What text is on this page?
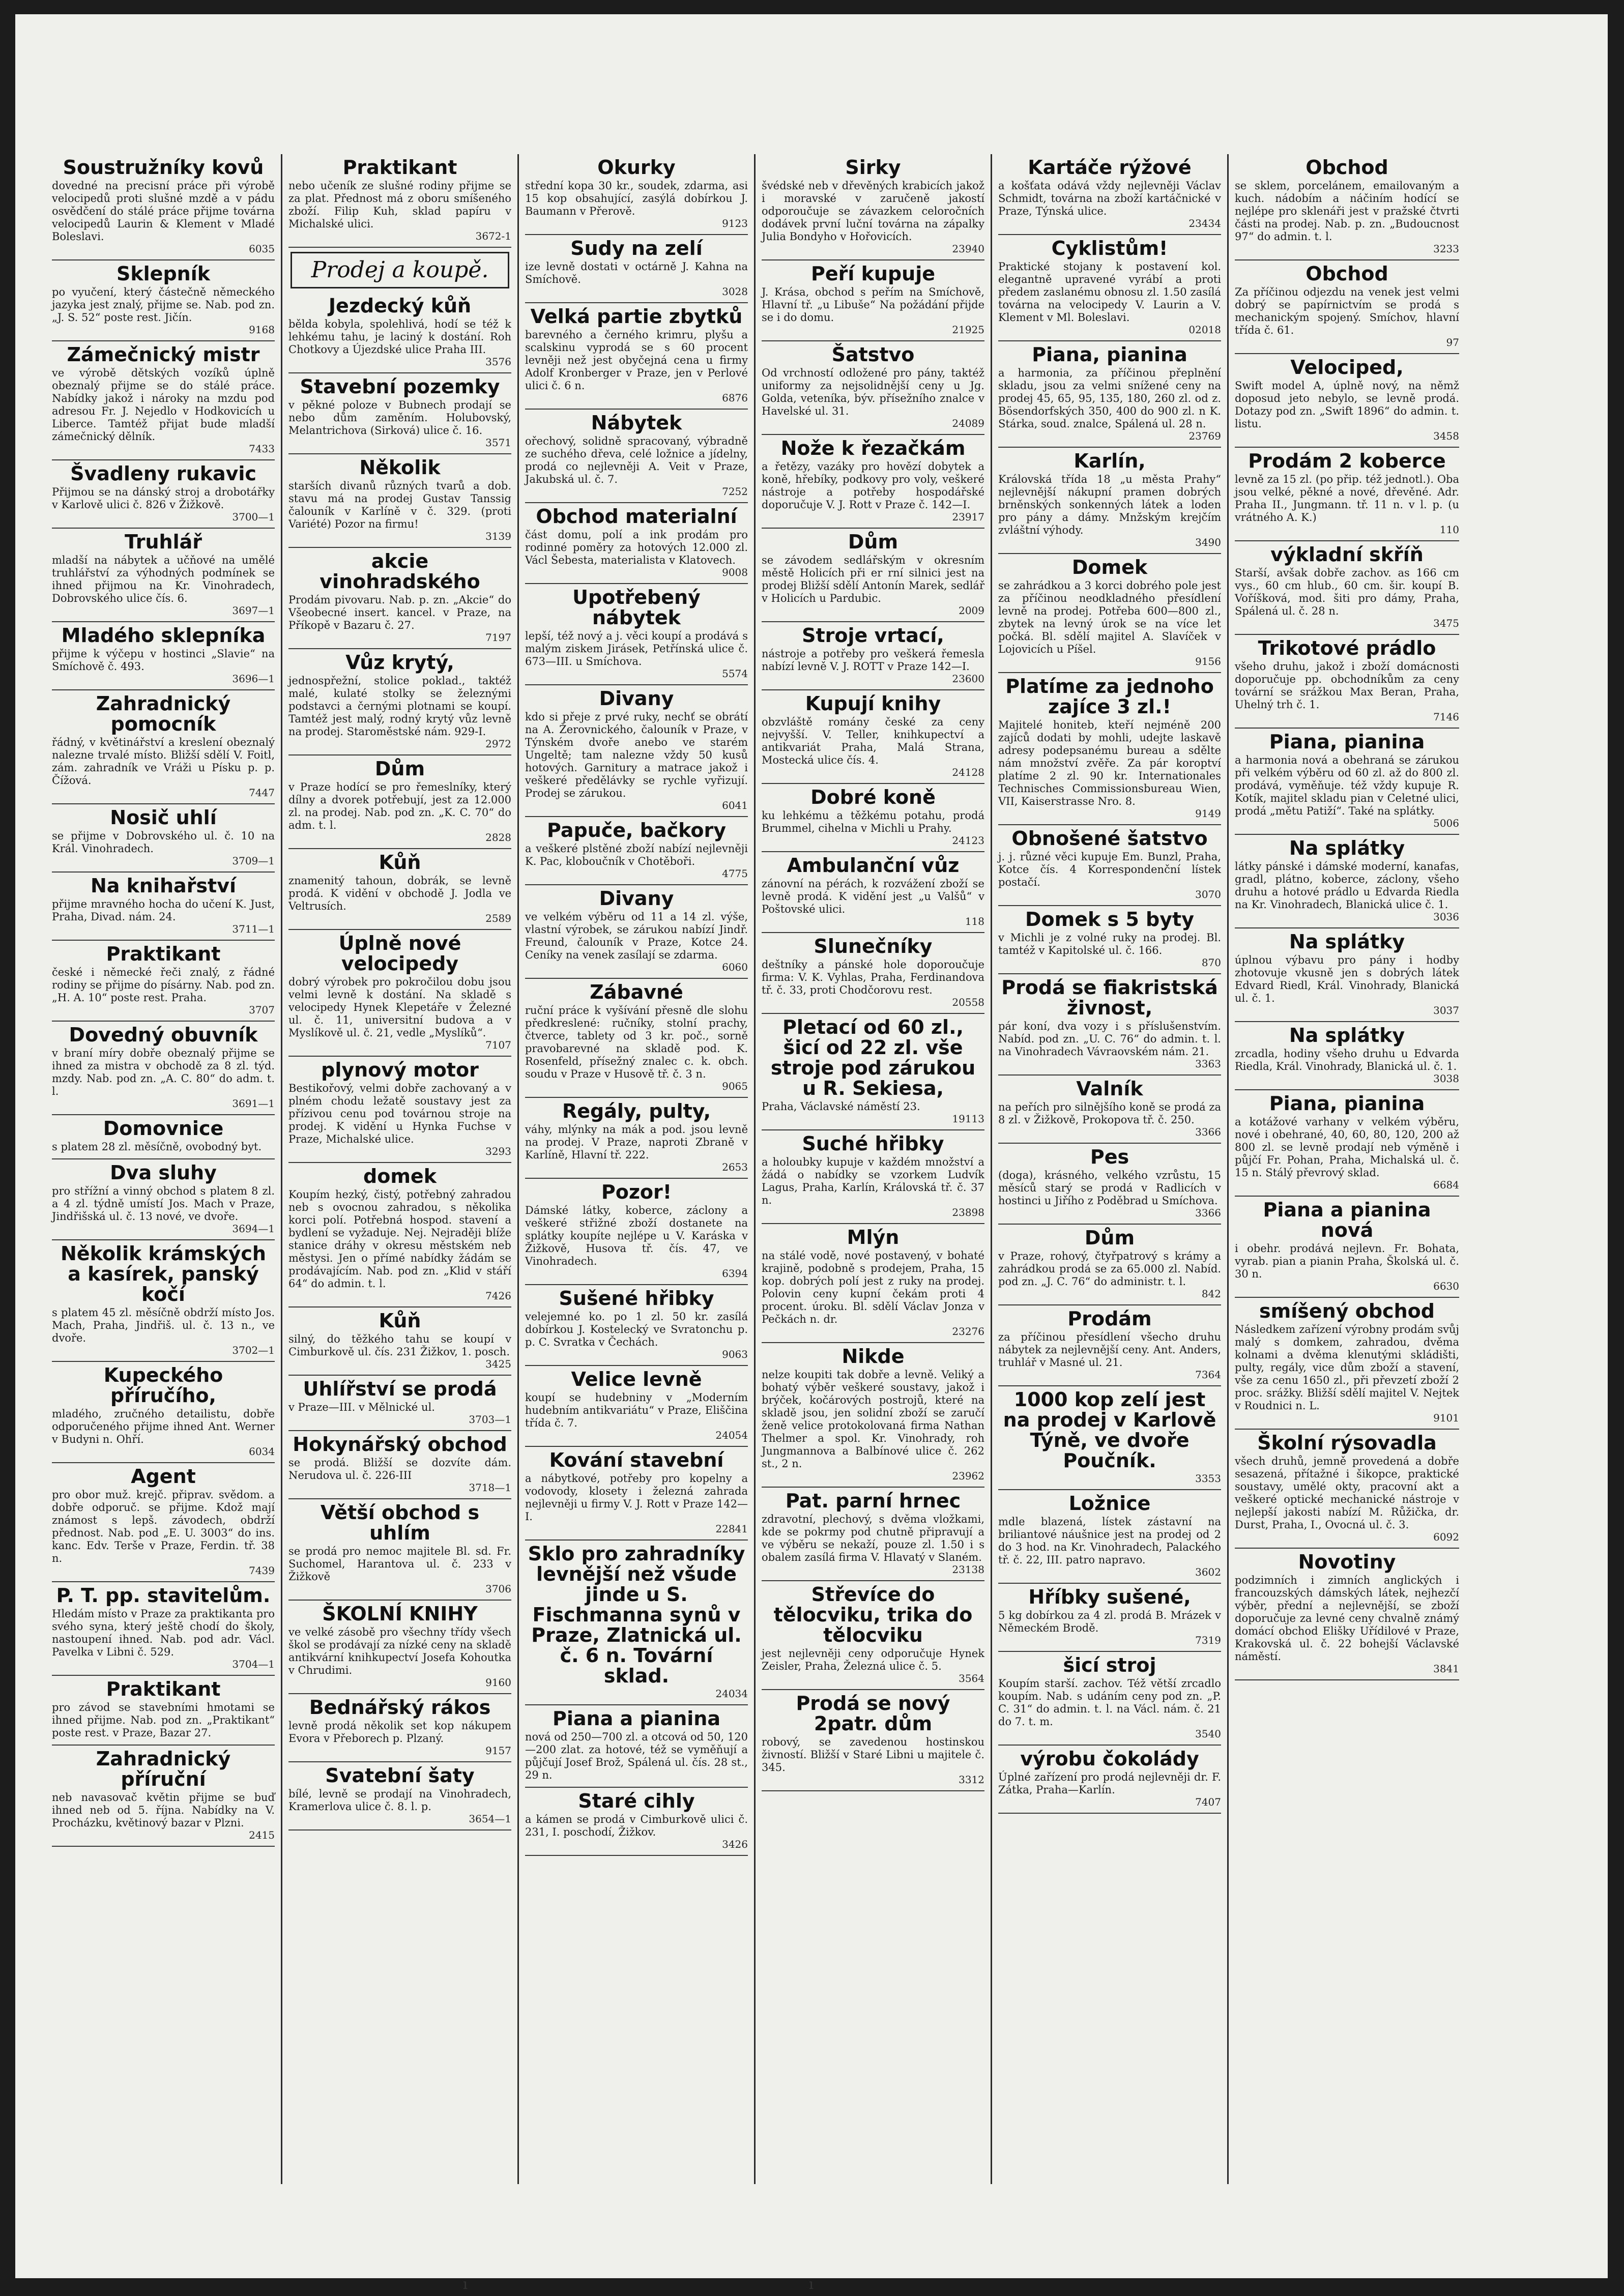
Soustružníky kovů

dovedné na precisní práce při výrobě velocipedů proti slušné mzdě a v pádu osvědčení do stálé práce přijme továrna velocipedů Laurin & Klement v Mladé Boleslavi.

6035
Sklepník

po vyučení, který částečně německého jazyka jest znalý, přijme se. Nab. pod zn. „J. S. 52“ poste rest. Jičín.

9168
Zámečnický mistr

ve výrobě dětských vozíků úplně obeznalý přijme se do stálé práce. Nabídky jakož i nároky na mzdu pod adresou Fr. J. Nejedlo v Hodkovicích u Liberce. Tamtéž přijat bude mladší zámečnický dělník.

7433
Švadleny rukavic

Přijmou se na dánský stroj a drobotářky v Karlově ulici č. 826 v Žižkově.

3700—1
Truhlář

mladší na nábytek a učňové na umělé truhlářství za výhodných podmínek se ihned přijmou na Kr. Vinohradech, Dobrovského ulice čís. 6.

3697—1
Mladého sklepníka

přijme k výčepu v hostinci „Slavie“ na Smíchově č. 493.

3696—1
Zahradnický pomocník

řádný, v květinářství a kreslení obeznalý nalezne trvalé místo. Bližší sdělí V. Foitl, zám. zahradník ve Vráži u Písku p. p. Čížová.

7447
Nosič uhlí

se přijme v Dobrovského ul. č. 10 na Král. Vinohradech.

3709—1
Na knihařství

přijme mravného hocha do učení K. Just, Praha, Divad. nám. 24.

3711—1
Praktikant

české i německé řeči znalý, z řádné rodiny se přijme do písárny. Nab. pod zn. „H. A. 10“ poste rest. Praha.

3707
Dovedný obuvník

v braní míry dobře obeznalý přijme se ihned za mistra v obchodě za 8 zl. týd. mzdy. Nab. pod zn. „A. C. 80“ do adm. t. l.

3691—1
Domovnice

s platem 28 zl. měsíčně, ovobodný byt.

Dva sluhy

pro střížní a vinný obchod s platem 8 zl. a 4 zl. týdně umístí Jos. Mach v Praze, Jindřišská ul. č. 13 nové, ve dvoře.

3694—1
Několik krámských a kasírek, panský kočí

s platem 45 zl. měsíčně obdrží místo Jos. Mach, Praha, Jindřiš. ul. č. 13 n., ve dvoře.

3702—1
Kupeckého příručího,

mladého, zručného detailistu, dobře odporučeného přijme ihned Ant. Werner v Budyni n. Ohří.

6034
Agent

pro obor muž. krejč. připrav. svědom. a dobře odporuč. se přijme. Kdož mají známost s lepš. závodech, obdrží přednost. Nab. pod „E. U. 3003“ do ins. kanc. Edv. Terše v Praze, Ferdin. tř. 38 n.

7439
P. T. pp. stavitelům.

Hledám místo v Praze za praktikanta pro svého syna, který ještě chodí do školy, nastoupení ihned. Nab. pod adr. Václ. Pavelka v Libni č. 529.

3704—1
Praktikant

pro závod se stavebními hmotami se ihned přijme. Nab. pod zn. „Praktikant“ poste rest. v Praze, Bazar 27.

Zahradnický příruční

neb navasovač květin přijme se buď ihned neb od 5. října. Nabídky na V. Procházku, květinový bazar v Plzni.

2415
Praktikant

nebo učeník ze slušné rodiny přijme se za plat. Přednost má z oboru smíšeného zboží. Filip Kuh, sklad papíru v Michalské ulici.

3672-1
Prodej a koupě.
Jezdecký kůň

bělda kobyla, spolehlivá, hodí se též k lehkému tahu, je laciný k dostání. Roh Chotkovy a Újezdské ulice Praha III.

3576
Stavební pozemky

v pěkné poloze v Bubnech prodají se nebo dům zaměním. Holubovský, Melantrichova (Sirková) ulice č. 16.

3571
Několik

starších divanů různých tvarů a dob. stavu má na prodej Gustav Tanssig čalouník v Karlíně v č. 329. (proti Variété) Pozor na firmu!

3139
akcie vinohradského

Prodám pivovaru. Nab. p. zn. „Akcie“ do Všeobecné insert. kancel. v Praze, na Příkopě v Bazaru č. 27.

7197
Vůz krytý,

jednospřežní, stolice poklad., taktéž malé, kulaté stolky se železnými podstavci a černými plotnami se koupí. Tamtéž jest malý, rodný krytý vůz levně na prodej. Staroměstské nám. 929-I.

2972
Dům

v Praze hodící se pro řemeslníky, který dílny a dvorek potřebují, jest za 12.000 zl. na prodej. Nab. pod zn. „K. C. 70“ do adm. t. l.

2828
Kůň

znamenitý tahoun, dobrák, se levně prodá. K vidění v obchodě J. Jodla ve Veltrusích.

2589
Úplně nové velocipedy

dobrý výrobek pro pokročilou dobu jsou velmi levně k dostání. Na skladě s velocipedy Hynek Klepetáře v Železné ul. č. 11, universitní budova a v Myslíkově ul. č. 21, vedle „Myslíků“.

7107
plynový motor

Bestikořový, velmi dobře zachovaný a v plném chodu ležatě soustavy jest za přízivou cenu pod továrnou stroje na prodej. K vidění u Hynka Fuchse v Praze, Michalské ulice.

3293
domek

Koupím hezký, čistý, potřebný zahradou neb s ovocnou zahradou, s několika korci polí. Potřebná hospod. stavení a bydlení se vyžaduje. Nej. Nejraději blíže stanice dráhy v okresu městském neb městysi. Jen o přímé nabídky žádám se prodávajícím. Nab. pod zn. „Klid v stáří 64“ do admin. t. l.

7426
Kůň

silný, do těžkého tahu se koupí v Cimburkově ul. čís. 231 Žižkov, 1. posch.

3425
Uhlířství se prodá

v Praze—III. v Mělnické ul.

3703—1
Hokynářský obchod

se prodá. Bližší se dozvíte dám. Nerudova ul. č. 226-III

3718—1
Větší obchod s uhlím

se prodá pro nemoc majitele Bl. sd. Fr. Suchomel, Harantova ul. č. 233 v Žižkově

3706
ŠKOLNÍ KNIHY

ve velké zásobě pro všechny třídy všech škol se prodávají za nízké ceny na skladě antikvární knihkupectví Josefa Kohoutka v Chrudimi.

9160
Bednářský rákos

levně prodá několik set kop nákupem Evora v Přeborech p. Plzaný.

9157
Svatební šaty

bílé, levně se prodají na Vinohradech, Kramerlova ulice č. 8. l. p.

3654—1
Okurky

střední kopa 30 kr., soudek, zdarma, asi 15 kop obsahující, zasýlá dobírkou J. Baumann v Přerově.

9123
Sudy na zelí

ize levně dostati v octárně J. Kahna na Smíchově.

3028
Velká partie zbytků

barevného a černého krimru, plyšu a scalskinu vyprodá se s 60 procent levněji než jest obyčejná cena u firmy Adolf Kronberger v Praze, jen v Perlové ulici č. 6 n.

6876
Nábytek

ořechový, solidně spracovaný, výbradně ze suchého dřeva, celé ložnice a jídelny, prodá co nejlevněji A. Veit v Praze, Jakubská ul. č. 7.

7252
Obchod materialní

část domu, polí a ink prodám pro rodinné poměry za hotových 12.000 zl. Václ Šebesta, materialista v Klatovech.

9008
Upotřebený nábytek

lepší, též nový a j. věci koupí a prodává s malým ziskem Jirásek, Petřínská ulice č. 673—III. u Smíchova.

5574
Divany

kdo si přeje z prvé ruky, nechť se obrátí na A. Žerovnického, čalouník v Praze, v Týnském dvoře anebo ve starém Ungeltě; tam nalezne vždy 50 kusů hotových. Garnitury a matrace jakož i veškeré předělávky se rychle vyřizují. Prodej se zárukou.

6041
Papuče, bačkory

a veškeré plstěné zboží nabízí nejlevněji K. Pac, kloboučník v Chotěboři.

4775
Divany

ve velkém výběru od 11 a 14 zl. výše, vlastní výrobek, se zárukou nabízí Jindř. Freund, čalouník v Praze, Kotce 24. Ceníky na venek zasílají se zdarma.

6060
Zábavné

ruční práce k vyšívání přesně dle slohu předkreslené: ručníky, stolní prachy, čtverce, tablety od 3 kr. poč., sorně pravobarevné na skladě pod. K. Rosenfeld, přísežný znalec c. k. obch. soudu v Praze v Husově tř. č. 3 n.

9065
Regály, pulty,

váhy, mlýnky na mák a pod. jsou levně na prodej. V Praze, naproti Zbraně v Karlíně, Hlavní tř. 222.

2653
Pozor!

Dámské látky, koberce, záclony a veškeré střižné zboží dostanete na splátky koupíte nejlépe u V. Karáska v Žižkově, Husova tř. čís. 47, ve Vinohradech.

6394
Sušené hřibky

velejemné ko. po 1 zl. 50 kr. zasílá dobírkou J. Kostelecký ve Svratonchu p. p. C. Svratka v Čechách.

9063
Velice levně

koupí se hudebniny v „Moderním hudebním antikvariátu“ v Praze, Eliščina třída č. 7.

24054
Kování stavební

a nábytkové, potřeby pro kopelny a vodovody, klosety i železná zahrada nejlevněji u firmy V. J. Rott v Praze 142—I.

22841
Sklo pro zahradníky levnější než všude jinde u S. Fischmanna synů v Praze, Zlatnická ul. č. 6 n. Tovární sklad.

24034
Piana a pianina

nová od 250—700 zl. a otcová od 50, 120—200 zlat. za hotové, též se vyměňují a půjčují Josef Brož, Spálená ul. čís. 28 st., 29 n.

Staré cihly

a kámen se prodá v Cimburkově ulici č. 231, I. poschodí, Žižkov.

3426
Sirky

švédské neb v dřevěných krabicích jakož i moravské v zaručeně jakostí odporoučuje se závazkem celoročních dodávek první luční továrna na zápalky Julia Bondyho v Hořovicích.

23940
Peří kupuje

J. Krása, obchod s peřím na Smíchově, Hlavní tř. „u Libuše“ Na požádání přijde se i do domu.

21925
Šatstvo

Od vrchností odložené pro pány, taktéž uniformy za nejsolidnější ceny u Jg. Golda, veteníka, býv. přísežního znalce v Havelské ul. 31.

24089
Nože k řezačkám

a řetězy, vazáky pro hovězí dobytek a koně, hřebíky, podkovy pro voly, veškeré nástroje a potřeby hospodářské doporučuje V. J. Rott v Praze č. 142—I.

23917
Dům

se závodem sedlářským v okresním městě Holicích při er rní silnici jest na prodej Bližší sdělí Antonín Marek, sedlář v Holicích u Pardubic.

2009
Stroje vrtací,

nástroje a potřeby pro veškerá řemesla nabízí levně V. J. ROTT v Praze 142—I.

23600
Kupují knihy

obzvláště romány české za ceny nejvyšší. V. Teller, knihkupectví a antikvariát Praha, Malá Strana, Mostecká ulice čís. 4.

24128
Dobré koně

ku lehkému a těžkému potahu, prodá Brummel, cihelna v Michli u Prahy.

24123
Ambulanční vůz

zánovní na pérách, k rozvážení zboží se levně prodá. K vidění jest „u Valšů“ v Poštovské ulici.

118
Slunečníky

deštníky a pánské hole doporoučuje firma: V. K. Vyhlas, Praha, Ferdinandova tř. č. 33, proti Chodčorovu rest.

20558
Pletací od 60 zl., šicí od 22 zl. vše stroje pod zárukou u R. Sekiesa,

Praha, Václavské náměstí 23.

19113
Suché hřibky

a holoubky kupuje v každém množství a žádá o nabídky se vzorkem Ludvík Lagus, Praha, Karlín, Královská tř. č. 37 n.

23898
Mlýn

na stálé vodě, nové postavený, v bohaté krajině, podobně s prodejem, Praha, 15 kop. dobrých polí jest z ruky na prodej. Polovin ceny kupní čekám proti 4 procent. úroku. Bl. sdělí Václav Jonza v Pečkách n. dr.

23276
Nikde

nelze koupiti tak dobře a levně. Veliký a bohatý výběr veškeré soustavy, jakož i brýček, kočárových postrojů, které na skladě jsou, jen solidní zboží se zaručí ženě velice protokolovaná firma Nathan Thelmer a spol. Kr. Vinohrady, roh Jungmannova a Balbínové ulice č. 262 st., 2 n.

23962
Pat. parní hrnec

zdravotní, plechový, s dvěma vložkami, kde se pokrmy pod chutně připravují a ve výběru se nekaží, pouze zl. 1.50 i s obalem zasílá firma V. Hlavatý v Slaném.

23138
Střevíce do tělocviku, trika do tělocviku

jest nejlevněji ceny odporučuje Hynek Zeisler, Praha, Železná ulice č. 5.

3564
Prodá se nový 2patr. dům

robový, se zavedenou hostinskou živností. Bližší v Staré Libni u majitele č. 345.

3312
Kartáče rýžové

a košťata odává vždy nejlevněji Václav Schmidt, továrna na zboží kartáčnické v Praze, Týnská ulice.

23434
Cyklistům!

Praktické stojany k postavení kol. elegantně upravené vyrábí a proti předem zaslanému obnosu zl. 1.50 zasílá továrna na velocipedy V. Laurin a V. Klement v Ml. Boleslavi.

02018
Piana, pianina

a harmonia, za příčinou přeplnění skladu, jsou za velmi snížené ceny na prodej 45, 65, 95, 135, 180, 260 zl. od z. Bösendorfských 350, 400 do 900 zl. n K. Stárka, soud. znalce, Spálená ul. 28 n.

23769
Karlín,

Královská třída 18 „u města Prahy“ nejlevnější nákupní pramen dobrých brněnských sonkenných látek a loden pro pány a dámy. Mnžským krejčím zvláštní výhody.

3490
Domek

se zahrádkou a 3 korci dobrého pole jest za příčinou neodkladného přesídlení levně na prodej. Potřeba 600—800 zl., zbytek na levný úrok se na více let počká. Bl. sdělí majitel A. Slavíček v Lojovicích u Píšel.

9156
Platíme za jednoho zajíce 3 zl.!

Majitelé honiteb, kteří nejméně 200 zajíců dodati by mohli, udejte laskavě adresy podepsanému bureau a sdělte nám množství zvěře. Za pár koroptví platíme 2 zl. 90 kr. Internationales Technisches Commissionsbureau Wien, VII, Kaiserstrasse Nro. 8.

9149
Obnošené šatstvo

j. j. různé věci kupuje Em. Bunzl, Praha, Kotce čís. 4 Korrespondenční lístek postačí.

3070
Domek s 5 byty

v Michli je z volné ruky na prodej. Bl. tamtéž v Kapitolské ul. č. 166.

870
Prodá se fiakristská živnost,

pár koní, dva vozy i s příslušenstvím. Nabíd. pod zn. „U. C. 76“ do admin. t. l. na Vinohradech Vávraovském nám. 21.

3363
Valník

na peřích pro silnějšího koně se prodá za 8 zl. v Žižkově, Prokopova tř. č. 250.

3366
Pes

(doga), krásného, velkého vzrůstu, 15 měsíců starý se prodá v Radlicích v hostinci u Jiřího z Poděbrad u Smíchova.

3366
Dům

v Praze, rohový, čtyřpatrový s krámy a zahrádkou prodá se za 65.000 zl. Nabíd. pod zn. „J. C. 76“ do administr. t. l.

842
Prodám

za příčinou přesídlení všecho druhu nábytek za nejlevnější ceny. Ant. Anders, truhlář v Masné ul. 21.

7364
1000 kop zelí jest na prodej v Karlově Týně, ve dvoře Poučník.

3353
Ložnice

mdle blazená, lístek zástavní na briliantové náušnice jest na prodej od 2 do 3 hod. na Kr. Vinohradech, Palackého tř. č. 22, III. patro napravo.

3602
Hříbky sušené,

5 kg dobírkou za 4 zl. prodá B. Mrázek v Německém Brodě.

7319
šicí stroj

Koupím starší. zachov. Též větší zrcadlo koupím. Nab. s udáním ceny pod zn. „P. C. 31“ do admin. t. l. na Václ. nám. č. 21 do 7. t. m.

3540
výrobu čokolády

Úplné zařízení pro prodá nejlevněji dr. F. Zátka, Praha—Karlín.

7407
Obchod

se sklem, porcelánem, emailovaným a kuch. nádobím a náčiním hodící se nejlépe pro sklenáři jest v pražské čtvrti části na prodej. Nab. p. zn. „Budoucnost 97“ do admin. t. l.

3233
Obchod

Za příčinou odjezdu na venek jest velmi dobrý se papírnictvím se prodá s mechanickým spojený. Smíchov, hlavní třída č. 61.

97
Velociped,

Swift model A, úplně nový, na němž doposud jeto nebylo, se levně prodá. Dotazy pod zn. „Swift 1896“ do admin. t. listu.

3458
Prodám 2 koberce

levně za 15 zl. (po přip. též jednotl.). Oba jsou velké, pěkné a nové, dřevěné. Adr. Praha II., Jungmann. tř. 11 n. v l. p. (u vrátného A. K.)

110
výkladní skříň

Starší, avšak dobře zachov. as 166 cm vys., 60 cm hlub., 60 cm. šir. koupí B. Voříšková, mod. šiti pro dámy, Praha, Spálená ul. č. 28 n.

3475
Trikotové prádlo

všeho druhu, jakož i zboží domácnosti doporučuje pp. obchodníkům za ceny tovární se srážkou Max Beran, Praha, Uhelný trh č. 1.

7146
Piana, pianina

a harmonia nová a obehraná se zárukou při velkém výběru od 60 zl. až do 800 zl. prodává, vyměňuje. též vždy kupuje R. Kotík, majitel skladu pian v Celetné ulici, prodá „mětu Patiží“. Také na splátky.

5006
Na splátky

látky pánské i dámské moderní, kanafas, gradl, plátno, koberce, záclony, všeho druhu a hotové prádlo u Edvarda Riedla na Kr. Vinohradech, Blanická ulice č. 1.

3036
Na splátky

úplnou výbavu pro pány i hodby zhotovuje vkusně jen s dobrých látek Edvard Riedl, Král. Vinohrady, Blanická ul. č. 1.

3037
Na splátky

zrcadla, hodiny všeho druhu u Edvarda Riedla, Král. Vinohrady, Blanická ul. č. 1.

3038
Piana, pianina

a kotážové varhany v velkém výběru, nové i obehrané, 40, 60, 80, 120, 200 až 800 zl. se levně prodají neb výměně i půjčí Fr. Pohan, Praha, Michalská ul. č. 15 n. Stálý převrový sklad.

6684
Piana a pianina nová

i obehr. prodává nejlevn. Fr. Bohata, vyrab. pian a pianin Praha, Školská ul. č. 30 n.

6630
smíšený obchod

Následkem zařízení výrobny prodám svůj malý s domkem, zahradou, dvěma kolnami a dvěma klenutými skládišti, pulty, regály, vice dům zboží a stavení, vše za cenu 1650 zl., při převzetí zboží 2 proc. srážky. Bližší sdělí majitel V. Nejtek v Roudnici n. L.

9101
Školní rýsovadla

všech druhů, jemně provedená a dobře sesazená, přítažné i šikopce, praktické soustavy, umělé okty, pracovní akt a veškeré optické mechanické nástroje v nejlepší jakosti nabízí M. Růžička, dr. Durst, Praha, I., Ovocná ul. č. 3.

6092
Novotiny

podzimních i zimních anglických i francouzských dámských látek, nejhezčí výběr, přední a nejlevnější, se zboží doporučuje za levné ceny chvalně známý domácí obchod Elišky Uřídilové v Praze, Krakovská ul. č. 22 bohejší Václavské náměstí.

3841
ı	ı
